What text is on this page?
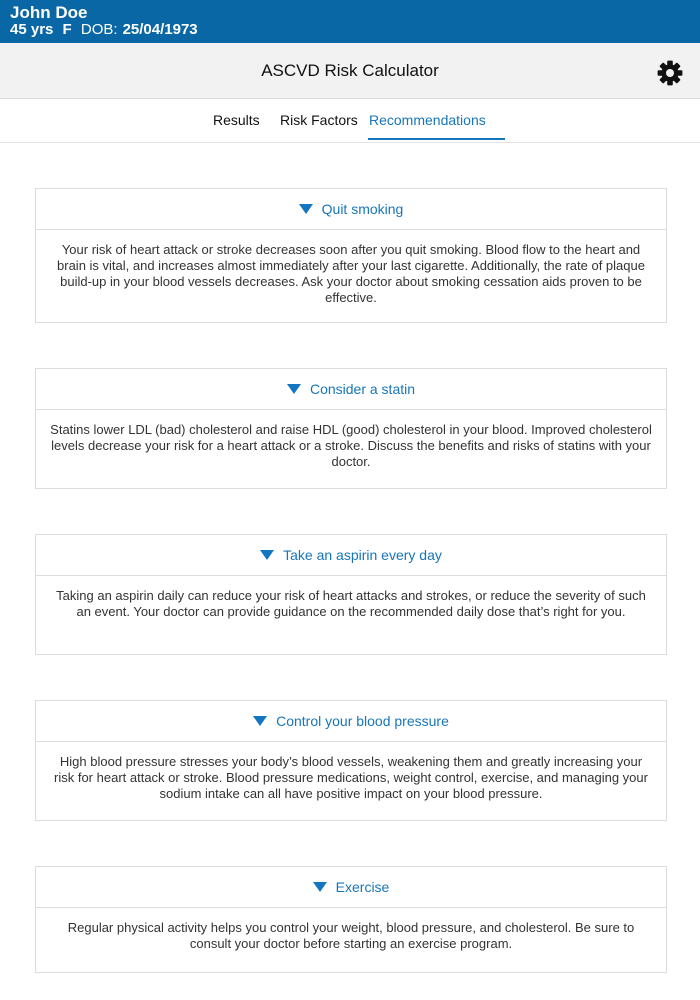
John Doe
45 yrs F DOB: 25/04/1973
ASCVD Risk Calculator
Results Risk Factors Recommendations
Quit smoking
Your risk of heart attack or stroke decreases soon after you quit smoking. Blood flow to the heart and brain is vital, and increases almost immediately after your last cigarette. Additionally, the rate of plaque build-up in your blood vessels decreases. Ask your doctor about smoking cessation aids proven to be effective.
Consider a statin
Statins lower LDL (bad) cholesterol and raise HDL (good) cholesterol in your blood. Improved cholesterol levels decrease your risk for a heart attack or a stroke. Discuss the benefits and risks of statins with your doctor.
Take an aspirin every day
Taking an aspirin daily can reduce your risk of heart attacks and strokes, or reduce the severity of such an event. Your doctor can provide guidance on the recommended daily dose that’s right for you.
Control your blood pressure
High blood pressure stresses your body’s blood vessels, weakening them and greatly increasing your risk for heart attack or stroke. Blood pressure medications, weight control, exercise, and managing your sodium intake can all have positive impact on your blood pressure.
Exercise
Regular physical activity helps you control your weight, blood pressure, and cholesterol. Be sure to consult your doctor before starting an exercise program.
